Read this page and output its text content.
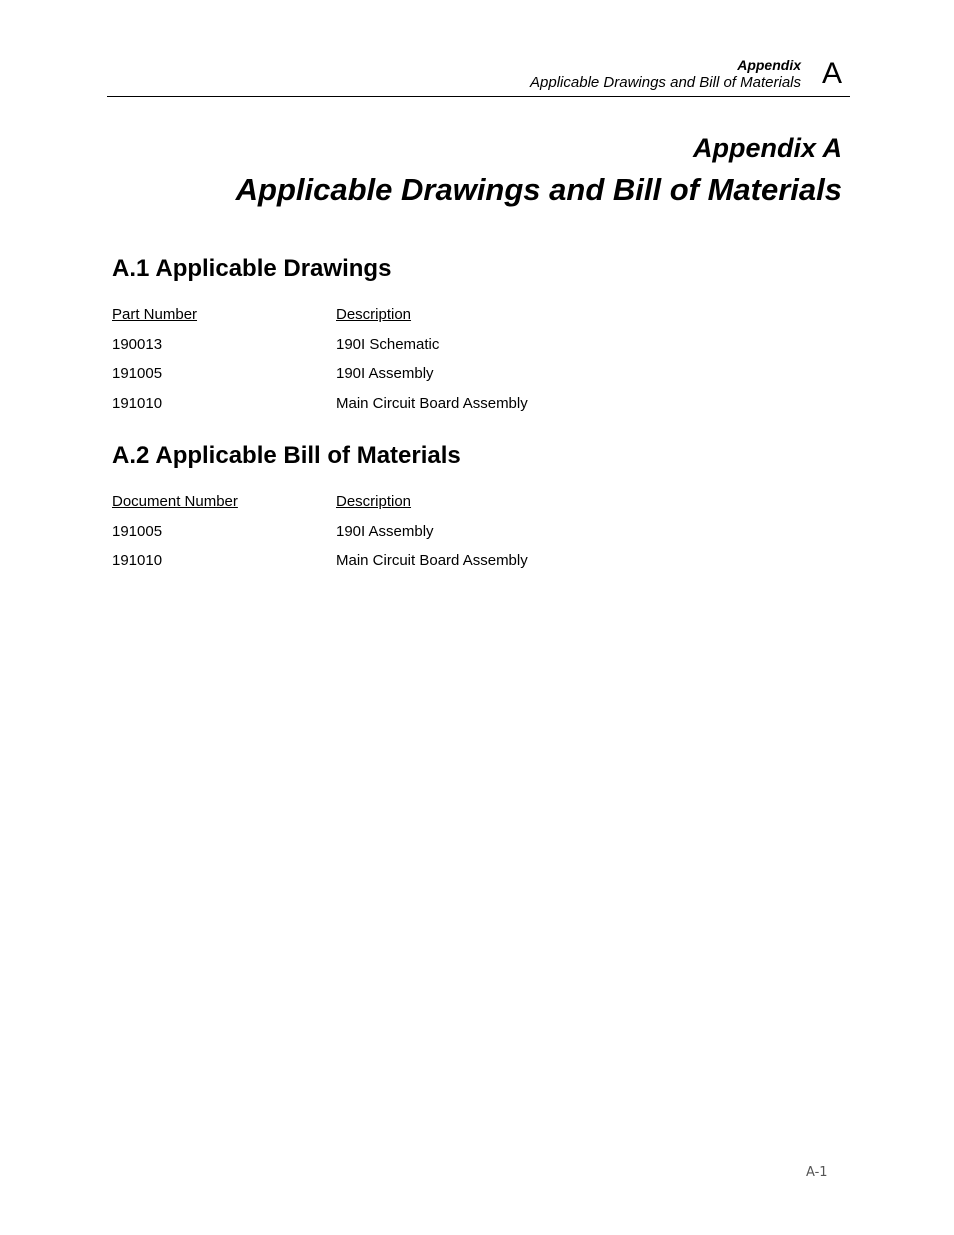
Appendix
Applicable Drawings and Bill of Materials A
Appendix A
Applicable Drawings and Bill of Materials
A.1 Applicable Drawings
Part Number	Description
190013	190I Schematic
191005	190I Assembly
191010	Main Circuit Board Assembly
A.2 Applicable Bill of Materials
Document Number	Description
191005	190I Assembly
191010	Main Circuit Board Assembly
A-1
